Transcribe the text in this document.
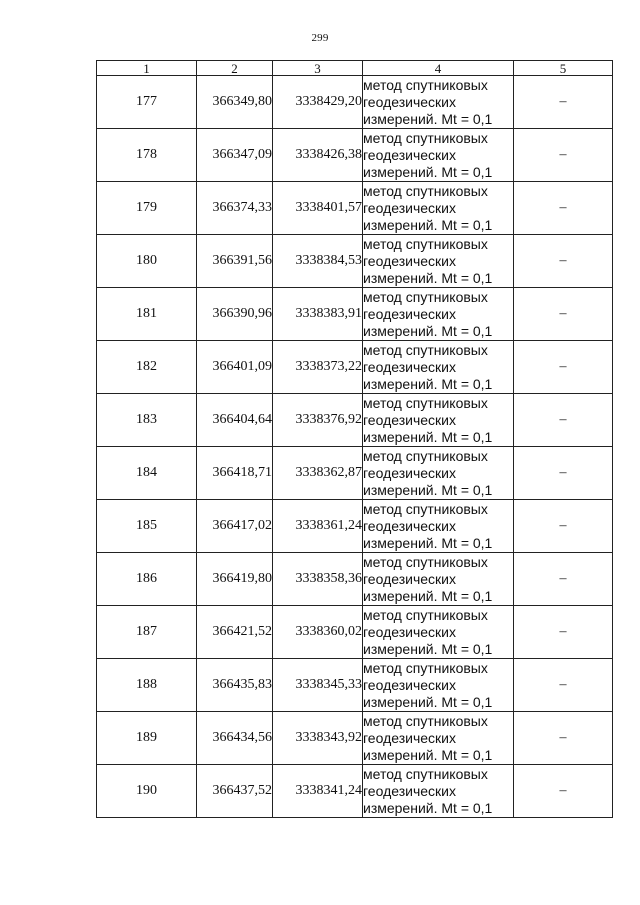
299
1	2	3	4	5
177	366349,80	3338429,20	метод спутниковых
геодезических
измерений. Mt = 0,1	–
178	366347,09	3338426,38	метод спутниковых
геодезических
измерений. Mt = 0,1	–
179	366374,33	3338401,57	метод спутниковых
геодезических
измерений. Mt = 0,1	–
180	366391,56	3338384,53	метод спутниковых
геодезических
измерений. Mt = 0,1	–
181	366390,96	3338383,91	метод спутниковых
геодезических
измерений. Mt = 0,1	–
182	366401,09	3338373,22	метод спутниковых
геодезических
измерений. Mt = 0,1	–
183	366404,64	3338376,92	метод спутниковых
геодезических
измерений. Mt = 0,1	–
184	366418,71	3338362,87	метод спутниковых
геодезических
измерений. Mt = 0,1	–
185	366417,02	3338361,24	метод спутниковых
геодезических
измерений. Mt = 0,1	–
186	366419,80	3338358,36	метод спутниковых
геодезических
измерений. Mt = 0,1	–
187	366421,52	3338360,02	метод спутниковых
геодезических
измерений. Mt = 0,1	–
188	366435,83	3338345,33	метод спутниковых
геодезических
измерений. Mt = 0,1	–
189	366434,56	3338343,92	метод спутниковых
геодезических
измерений. Mt = 0,1	–
190	366437,52	3338341,24	метод спутниковых
геодезических
измерений. Mt = 0,1	–
